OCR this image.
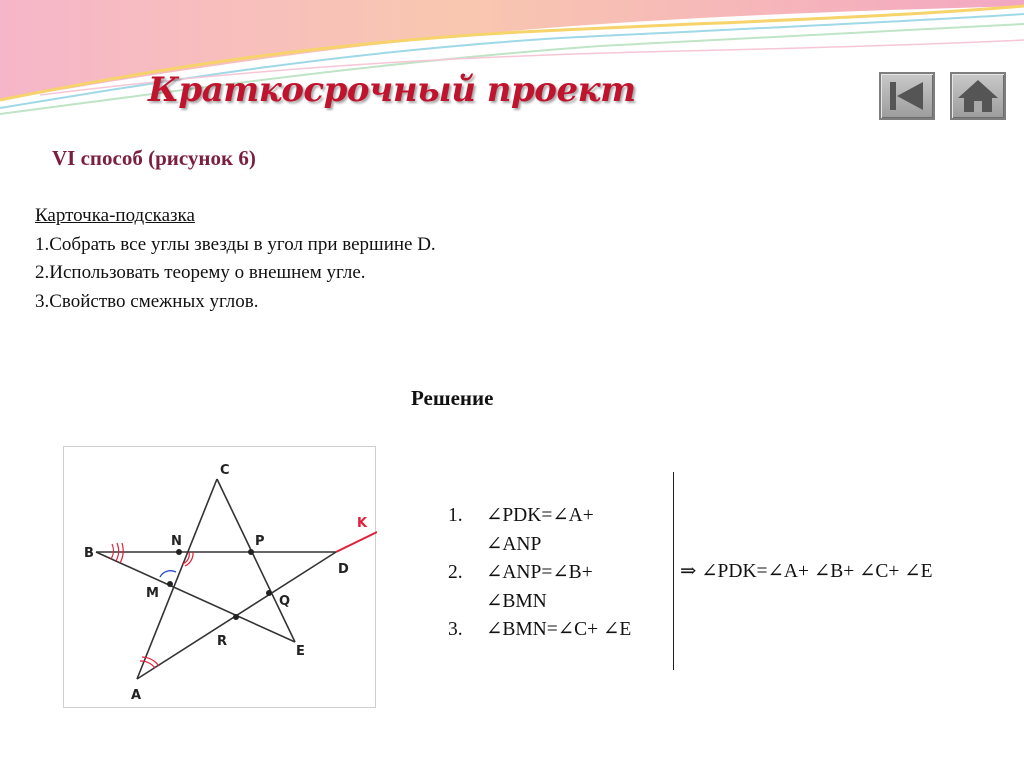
Краткосрочный проект
VI способ (рисунок 6)
Карточка-подсказка
1.Собрать все углы звезды в угол при вершине D.
2.Использовать теорему о внешнем угле.
3.Свойство смежных углов.
Решение
C
B
N	P
K
D
M
Q
R
E
A
1.	∠PDK=∠A+
∠ANP
2.	∠ANP=∠B+
∠BMN
3.	∠BMN=∠C+ ∠E
⇒ ∠PDK=∠A+ ∠B+ ∠C+ ∠E
